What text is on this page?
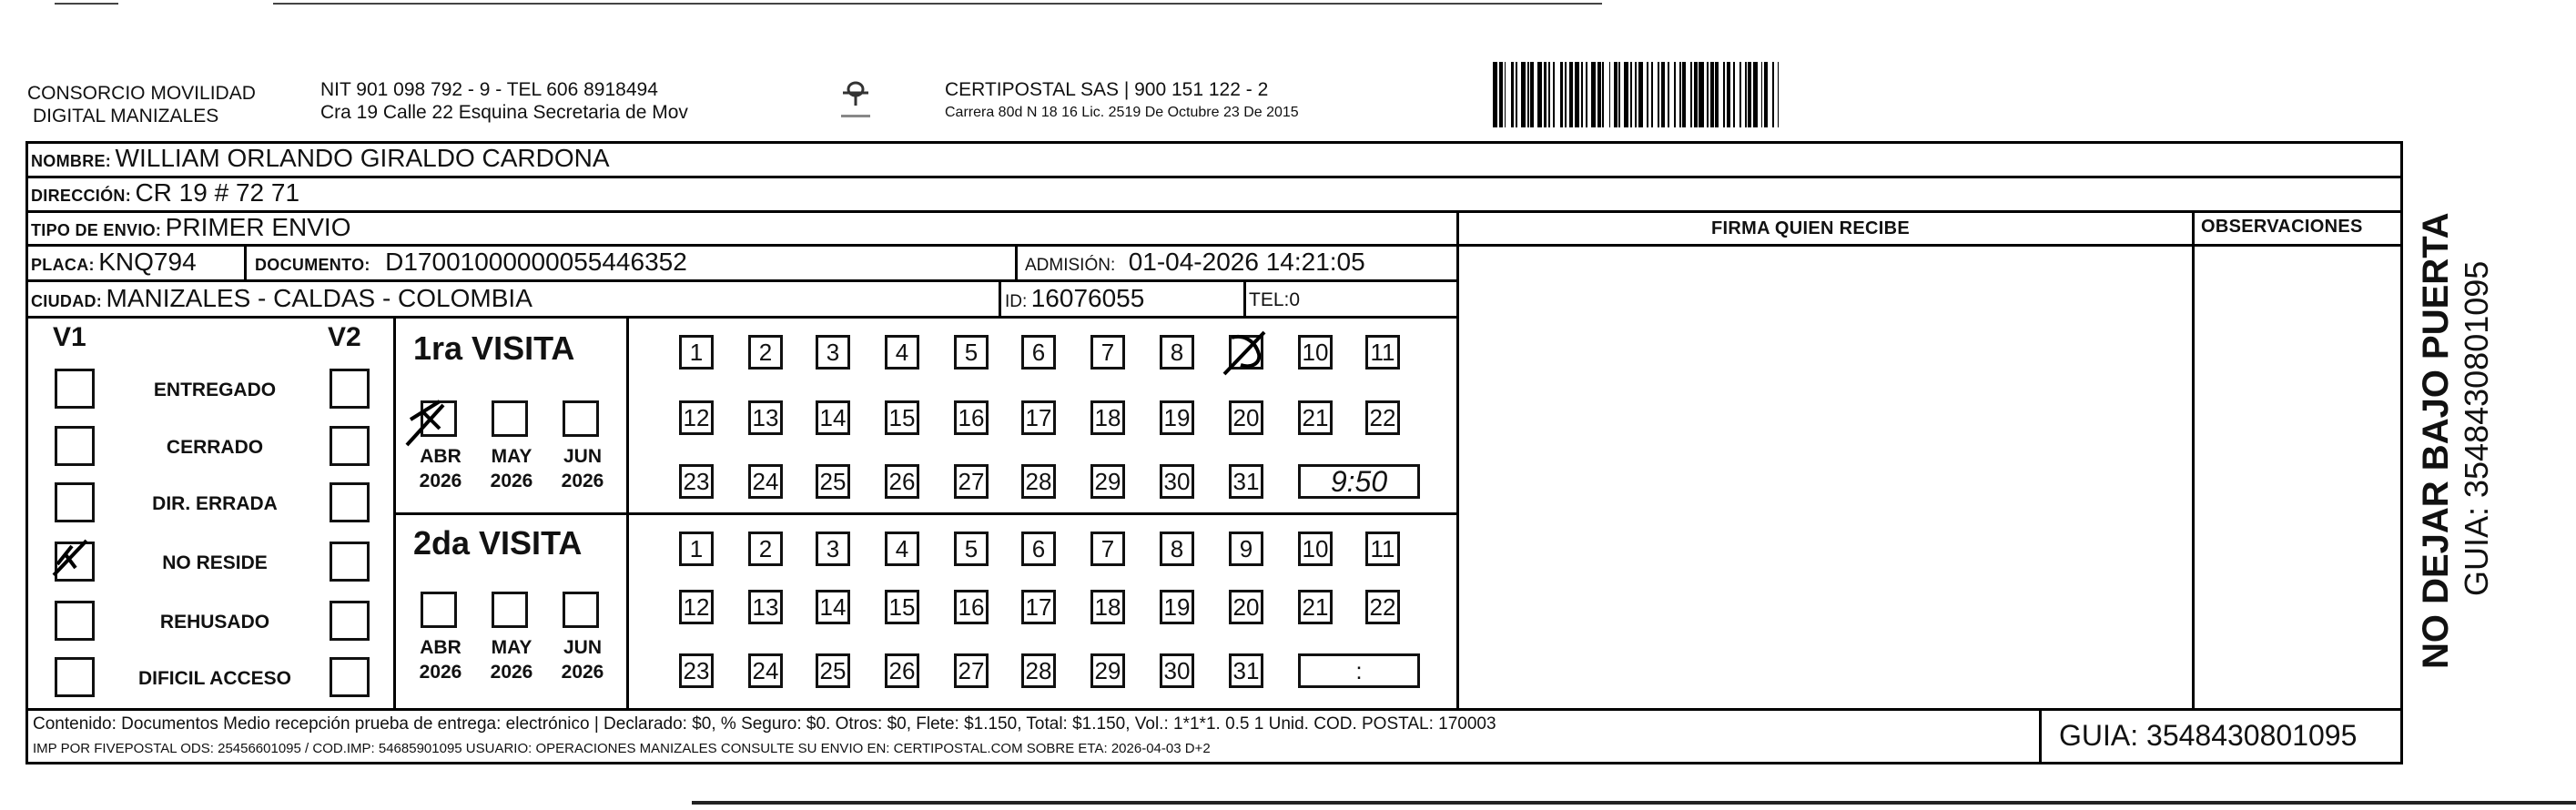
CONSORCIO MOVILIDAD
DIGITAL MANIZALES
NIT 901 098 792 - 9 - TEL 606 8918494
Cra 19 Calle 22 Esquina Secretaria de Mov
CERTIPOSTAL SAS | 900 151 122 - 2
Carrera 80d N 18 16 Lic. 2519 De Octubre 23 De 2015
NOMBRE: WILLIAM ORLANDO GIRALDO CARDONA
DIRECCIÓN: CR 19 # 72 71
TIPO DE ENVIO: PRIMER ENVIO	FIRMA QUIEN RECIBE	OBSERVACIONES
PLACA: KNQ794	DOCUMENTO: D17001000000055446352	ADMISIÓN: 01-04-2026 14:21:05
CIUDAD: MANIZALES - CALDAS - COLOMBIA	ID: 16076055	TEL:0
V1	V2
ENTREGADO
CERRADO
DIR. ERRADA
NO RESIDE
REHUSADO
DIFICIL ACCESO
1ra VISITA
2da VISITA
ABR
2026
MAY
2026
JUN
2026
ABR
2026
MAY
2026
JUN
2026
1	2	3	4	5	6	7	8	10 11
12 13 14 15 16 17 18 19 20 21 22
23 24 25 26 27 28 29 30 31	9:50
1	2	3	4	5	6	7	8	9	10 11
12 13 14 15 16 17 18 19 20 21 22
23 24 25 26 27 28 29 30 31	:
Contenido: Documentos Medio recepción prueba de entrega: electrónico | Declarado: $0, % Seguro: $0. Otros: $0, Flete: $1.150, Total: $1.150, Vol.: 1*1*1. 0.5 1 Unid. COD. POSTAL: 170003
IMP POR FIVEPOSTAL ODS: 25456601095 / COD.IMP: 54685901095 USUARIO: OPERACIONES MANIZALES CONSULTE SU ENVIO EN: CERTIPOSTAL.COM SOBRE ETA: 2026-04-03 D+2	GUIA: 3548430801095
NO DEJAR BAJO PUERTA GUIA: 3548430801095
